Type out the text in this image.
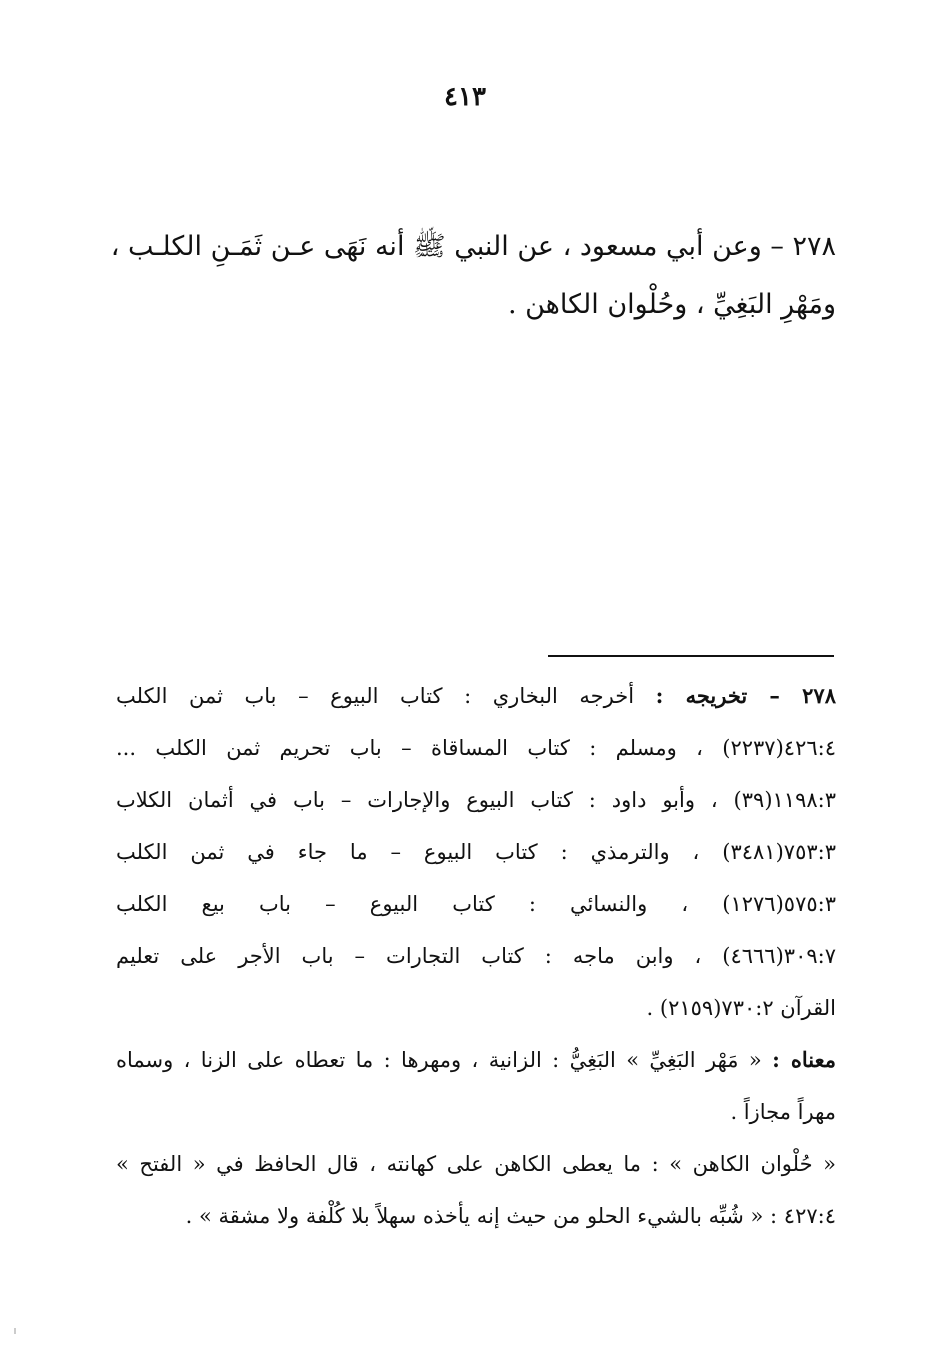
٤١٣
٢٧٨ – وعن أبي مسعود ، عن النبي ﷺ أنه نَهَى عـن ثَمَـنِ الكلـب ،
ومَهْرِ البَغِيِّ ، وحُلْوان الكاهن .
٢٧٨ – تخريجه : أخرجه البخاري : كتاب البيوع – باب ثمن الكلب
٤٢٦:٤(٢٢٣٧) ، ومسلم : كتاب المساقاة – باب تحريم ثمن الكلب ...
١١٩٨:٣(٣٩) ، وأبو داود : كتاب البيوع والإجارات – باب في أثمان الكلاب
٧٥٣:٣(٣٤٨١) ، والترمذي : كتاب البيوع – ما جاء في ثمن الكلب
٥٧٥:٣(١٢٧٦) ، والنسائي : كتاب البيوع – باب بيع الكلب
٣٠٩:٧(٤٦٦٦) ، وابن ماجه : كتاب التجارات – باب الأجر على تعليم
القرآن ٧٣٠:٢(٢١٥٩) .
معناه : « مَهْر البَغِيِّ » البَغِيُّ : الزانية ، ومهرها : ما تعطاه على الزنا ، وسماه
مهراً مجازاً .
« حُلْوان الكاهن » : ما يعطى الكاهن على كهانته ، قال الحافظ في « الفتح »
٤٢٧:٤ : « شُبِّه بالشيء الحلو من حيث إنه يأخذه سهلاً بلا كُلْفة ولا مشقة » .
